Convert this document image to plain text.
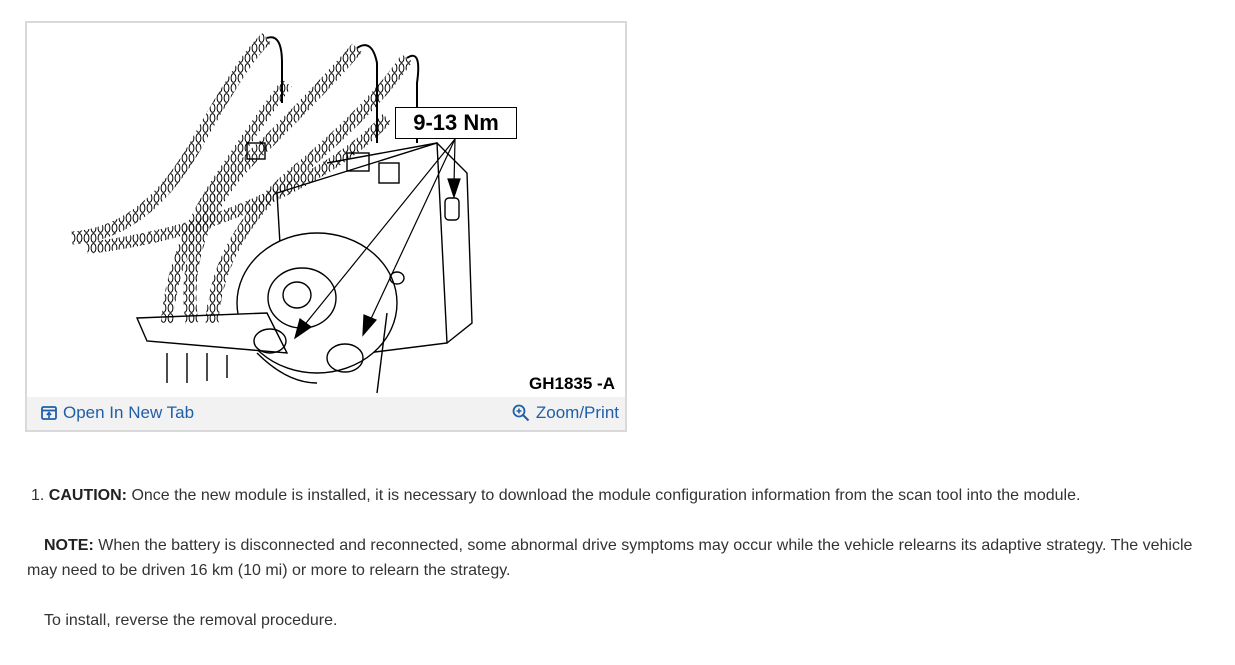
9-13 Nm
GH1835 -A
Open In New Tab	Zoom/Print

1. CAUTION: Once the new module is installed, it is necessary to download the module configuration information from the scan tool into the module.

NOTE: When the battery is disconnected and reconnected, some abnormal drive symptoms may occur while the vehicle relearns its adaptive strategy. The vehicle may need to be driven 16 km (10 mi) or more to relearn the strategy.

To install, reverse the removal procedure.
